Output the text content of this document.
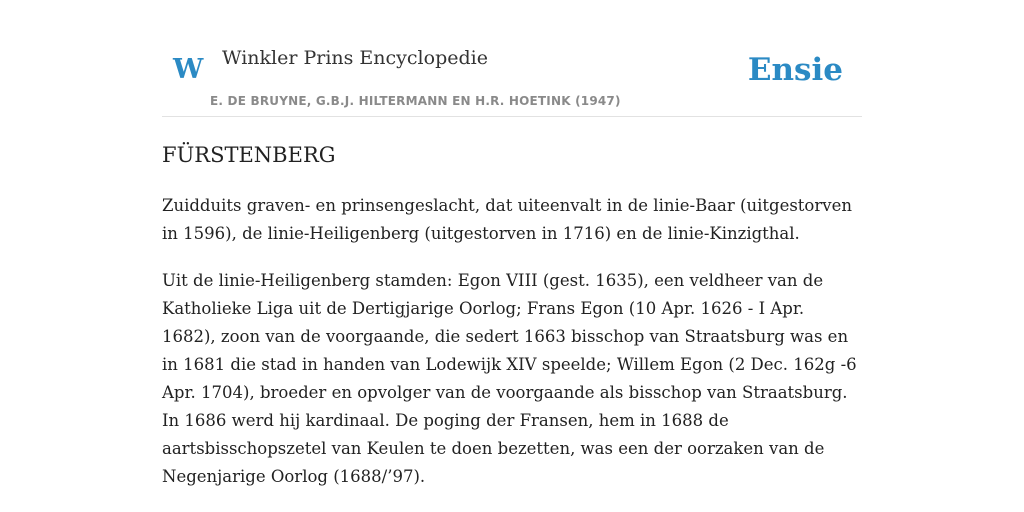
W Winkler Prins Encyclopedie
E. DE BRUYNE, G.B.J. HILTERMANN EN H.R. HOETINK (1947)
Ensie
FÜRSTENBERG

Zuidduits graven- en prinsengeslacht, dat uiteenvalt in de linie-Baar (uitgestorven in 1596), de linie-Heiligenberg (uitgestorven in 1716) en de linie-Kinzigthal.

Uit de linie-Heiligenberg stamden: Egon VIII (gest. 1635), een veldheer van de Katholieke Liga uit de Dertigjarige Oorlog; Frans Egon (10 Apr. 1626 - I Apr. 1682), zoon van de voorgaande, die sedert 1663 bisschop van Straatsburg was en in 1681 die stad in handen van Lodewijk XIV speelde; Willem Egon (2 Dec. 162g -6 Apr. 1704), broeder en opvolger van de voorgaande als bisschop van Straatsburg. In 1686 werd hij kardinaal. De poging der Fransen, hem in 1688 de aartsbisschopszetel van Keulen te doen bezetten, was een der oorzaken van de Negenjarige Oorlog (1688/’97).
